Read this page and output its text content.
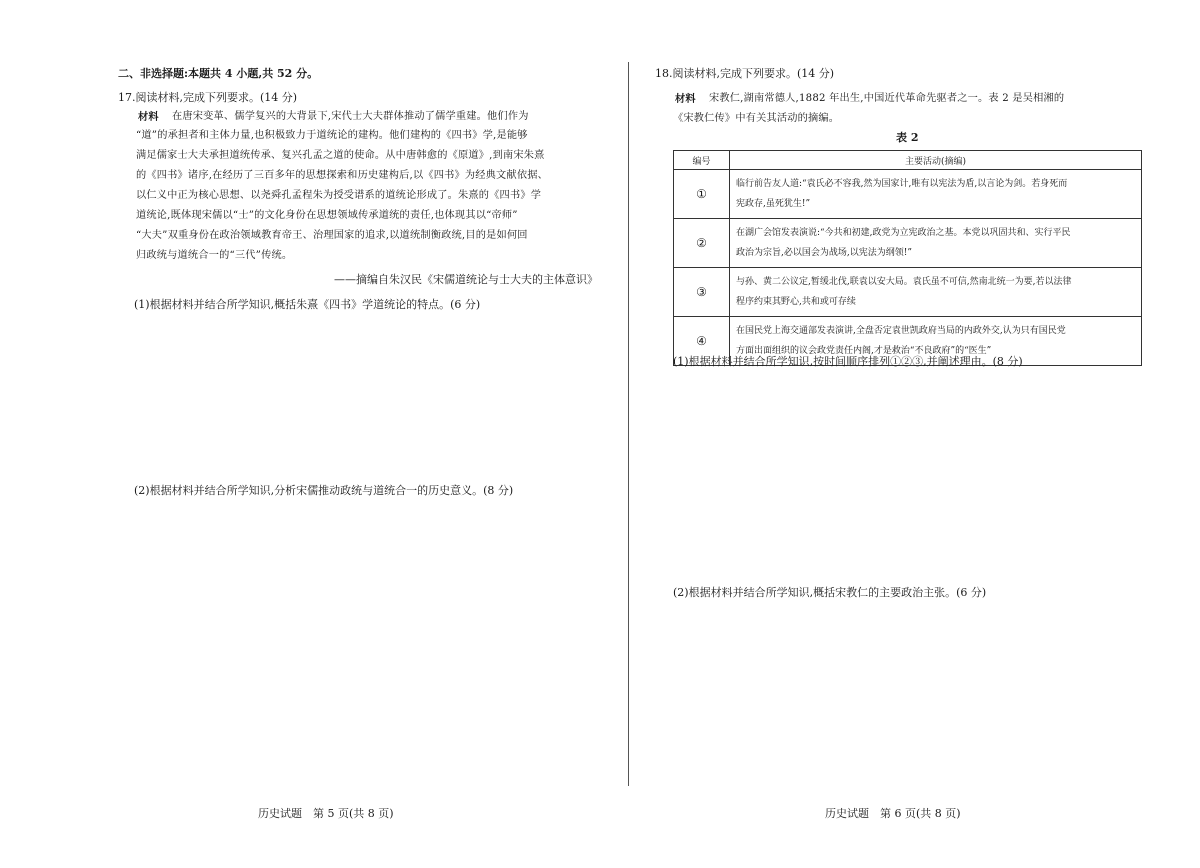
二、非选择题:本题共 4 小题,共 52 分。
17.阅读材料,完成下列要求。(14 分)
材料 在唐宋变革、儒学复兴的大背景下,宋代士大夫群体推动了儒学重建。他们作为
“道”的承担者和主体力量,也积极致力于道统论的建构。他们建构的《四书》学,是能够
满足儒家士大夫承担道统传承、复兴孔孟之道的使命。从中唐韩愈的《原道》,到南宋朱熹
的《四书》诸序,在经历了三百多年的思想探索和历史建构后,以《四书》为经典文献依据、
以仁义中正为核心思想、以尧舜孔孟程朱为授受谱系的道统论形成了。朱熹的《四书》学
道统论,既体现宋儒以“士”的文化身份在思想领域传承道统的责任,也体现其以“帝师”
“大夫”双重身份在政治领域教育帝王、治理国家的追求,以道统制衡政统,目的是如何回
归政统与道统合一的“三代”传统。
——摘编自朱汉民《宋儒道统论与士大夫的主体意识》
(1)根据材料并结合所学知识,概括朱熹《四书》学道统论的特点。(6 分)
(2)根据材料并结合所学知识,分析宋儒推动政统与道统合一的历史意义。(8 分)
历史试题　第 5 页(共 8 页)
18.阅读材料,完成下列要求。(14 分)
材料 宋教仁,湖南常德人,1882 年出生,中国近代革命先驱者之一。表 2 是吴相湘的
《宋教仁传》中有关其活动的摘编。
表 2
编号	主要活动(摘编)
①	临行前告友人道:“袁氏必不容我,然为国家计,唯有以宪法为盾,以言论为剑。若身死而
宪政存,虽死犹生!”

②	在湖广会馆发表演说:“今共和初建,政党为立宪政治之基。本党以巩固共和、实行平民
政治为宗旨,必以国会为战场,以宪法为纲领!”

③	与孙、黄二公议定,暂缓北伐,联袁以安大局。袁氏虽不可信,然南北统一为要,若以法律
程序约束其野心,共和或可存续

④	在国民党上海交通部发表演讲,全盘否定袁世凯政府当局的内政外交,认为只有国民党
方面出面组织的议会政党责任内阁,才是救治“不良政府”的“医生”
(1)根据材料并结合所学知识,按时间顺序排列①②③,并阐述理由。(8 分)
(2)根据材料并结合所学知识,概括宋教仁的主要政治主张。(6 分)
历史试题　第 6 页(共 8 页)
